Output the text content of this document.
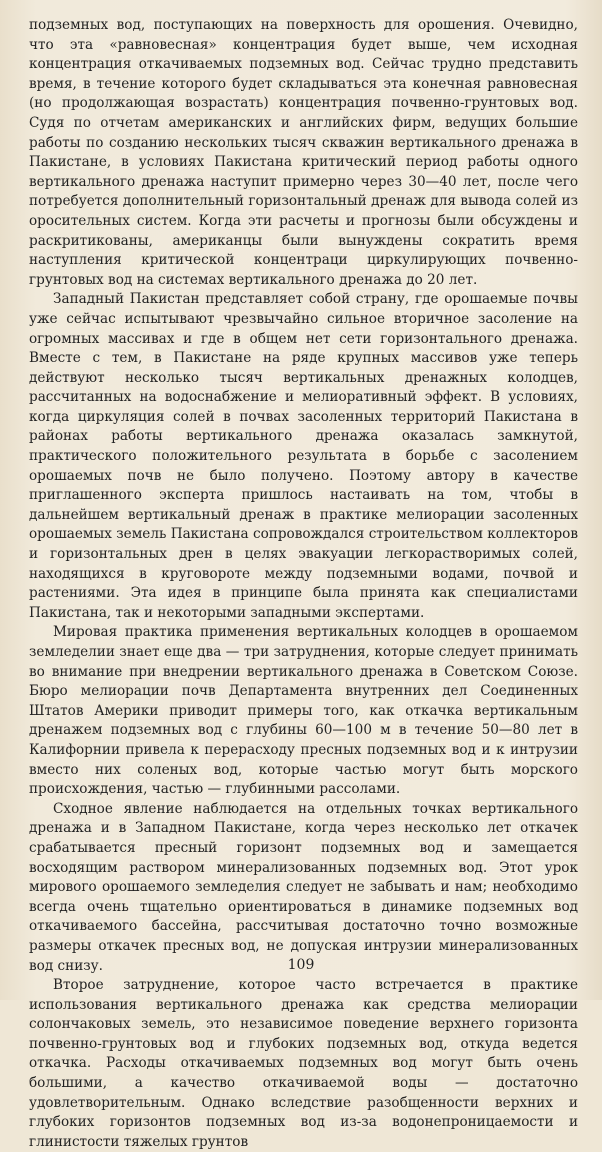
подземных вод, поступающих на поверхность для орошения. Очевидно, что эта «равновесная» концентрация будет выше, чем исходная концентрация откачиваемых подземных вод. Сейчас трудно представить время, в течение которого будет складываться эта конечная равновесная (но продолжающая возрастать) концентрация почвенно-грунтовых вод. Судя по отчетам американских и английских фирм, ведущих большие работы по созданию нескольких тысяч скважин вертикального дренажа в Пакистане, в условиях Пакистана критический период работы одного вертикального дренажа наступит примерно через 30—40 лет, после чего потребуется дополнительный горизонтальный дренаж для вывода солей из оросительных систем. Когда эти расчеты и прогнозы были обсуждены и раскритикованы, американцы были вынуждены сократить время наступления критической концентраци циркулирующих почвенно-грунтовых вод на системах вертикального дренажа до 20 лет.

Западный Пакистан представляет собой страну, где орошаемые почвы уже сейчас испытывают чрезвычайно сильное вторичное засоление на огромных массивах и где в общем нет сети горизонтального дренажа. Вместе с тем, в Пакистане на ряде крупных массивов уже теперь действуют несколько тысяч вертикальных дренажных колодцев, рассчитанных на водоснабжение и мелиоративный эффект. В условиях, когда циркуляция солей в почвах засоленных территорий Пакистана в районах работы вертикального дренажа оказалась замкнутой, практического положительного результата в борьбе с засолением орошаемых почв не было получено. Поэтому автору в качестве приглашенного эксперта пришлось настаивать на том, чтобы в дальнейшем вертикальный дренаж в практике мелиорации засоленных орошаемых земель Пакистана сопровождался строительством коллекторов и горизонтальных дрен в целях эвакуации легкорастворимых солей, находящихся в круговороте между подземными водами, почвой и растениями. Эта идея в принципе была принята как специалистами Пакистана, так и некоторыми западными экспертами.

Мировая практика применения вертикальных колодцев в орошаемом земледелии знает еще два — три затруднения, которые следует принимать во внимание при внедрении вертикального дренажа в Советском Союзе. Бюро мелиорации почв Департамента внутренних дел Соединенных Штатов Америки приводит примеры того, как откачка вертикальным дренажем подземных вод с глубины 60—100 м в течение 50—80 лет в Калифорнии привела к перерасходу пресных подземных вод и к интрузии вместо них соленых вод, которые частью могут быть морского происхождения, частью — глубинными рассолами.

Сходное явление наблюдается на отдельных точках вертикального дренажа и в Западном Пакистане, когда через несколько лет откачек срабатывается пресный горизонт подземных вод и замещается восходящим раствором минерализованных подземных вод. Этот урок мирового орошаемого земледелия следует не забывать и нам; необходимо всегда очень тщательно ориентироваться в динамике подземных вод откачиваемого бассейна, рассчитывая достаточно точно возможные размеры откачек пресных вод, не допуская интрузии минерализованных вод снизу.

Второе затруднение, которое часто встречается в практике использования вертикального дренажа как средства мелиорации солончаковых земель, это независимое поведение верхнего горизонта почвенно-грунтовых вод и глубоких подземных вод, откуда ведется откачка. Расходы откачиваемых подземных вод могут быть очень большими, а качество откачиваемой воды — достаточно удовлетворительным. Однако вследствие разобщенности верхних и глубоких горизонтов подземных вод из-за водонепроницаемости и глинистости тяжелых грунтов

109
